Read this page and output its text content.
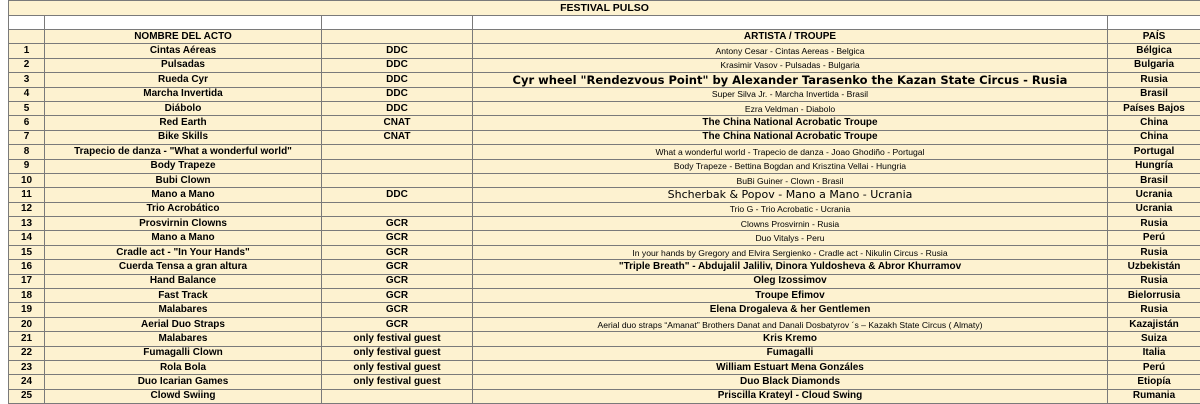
FESTIVAL PULSO				

	NOMBRE DEL ACTO		ARTISTA / TROUPE	PAÍS
1	Cintas Aéreas	DDC	Antony Cesar - Cintas Aereas - Belgica	Bélgica
2	Pulsadas	DDC	Krasimir Vasov - Pulsadas - Bulgaria	Bulgaria
3	Rueda Cyr	DDC	Cyr wheel "Rendezvous Point" by Alexander Tarasenko the Kazan State Circus - Rusia	Rusia
4	Marcha Invertida	DDC	Super Silva Jr. - Marcha Invertida - Brasil	Brasil
5	Diábolo	DDC	Ezra Veldman - Diabolo	Países Bajos
6	Red Earth	CNAT	The China National Acrobatic Troupe	China
7	Bike Skills	CNAT	The China National Acrobatic Troupe	China
8	Trapecio de danza - "What a wonderful world"		What a wonderful world - Trapecio de danza - Joao Ghodiño - Portugal	Portugal
9	Body Trapeze		Body Trapeze - Bettina Bogdan and Krisztina Vellai - Hungria	Hungría
10	Bubi Clown		BuBi Guiner - Clown - Brasil	Brasil
11	Mano a Mano	DDC	Shcherbak & Popov - Mano a Mano - Ucrania	Ucrania
12	Trio Acrobático		Trio G - Trio Acrobatic - Ucrania	Ucrania
13	Prosvirnin Clowns	GCR	Clowns Prosvirnin - Rusia	Rusia
14	Mano a Mano	GCR	Duo Vitalys - Peru	Perú
15	Cradle act - "In Your Hands"	GCR	In your hands by Gregory and Elvira Sergienko - Cradle act - Nikulin Circus - Rusia	Rusia
16	Cuerda Tensa a gran altura	GCR	"Triple Breath" - Abdujalil Jaliliv, Dinora Yuldosheva & Abror Khurramov	Uzbekistán
17	Hand Balance	GCR	Oleg Izossimov	Rusia
18	Fast Track	GCR	Troupe Efimov	Bielorrusia
19	Malabares	GCR	Elena Drogaleva & her Gentlemen	Rusia
20	Aerial Duo Straps	GCR	Aerial duo straps “Amanat” Brothers Danat and Danali Dosbatyrov ´s – Kazakh State Circus ( Almaty)	Kazajistán
21	Malabares	only festival guest	Kris Kremo	Suiza
22	Fumagalli Clown	only festival guest	Fumagalli	Italia
23	Rola Bola	only festival guest	William Estuart Mena Gonzáles	Perú
24	Duo Icarian Games	only festival guest	Duo Black Diamonds	Etiopía
25	Clowd Swiing		Priscilla Krateyl - Cloud Swing	Rumania
